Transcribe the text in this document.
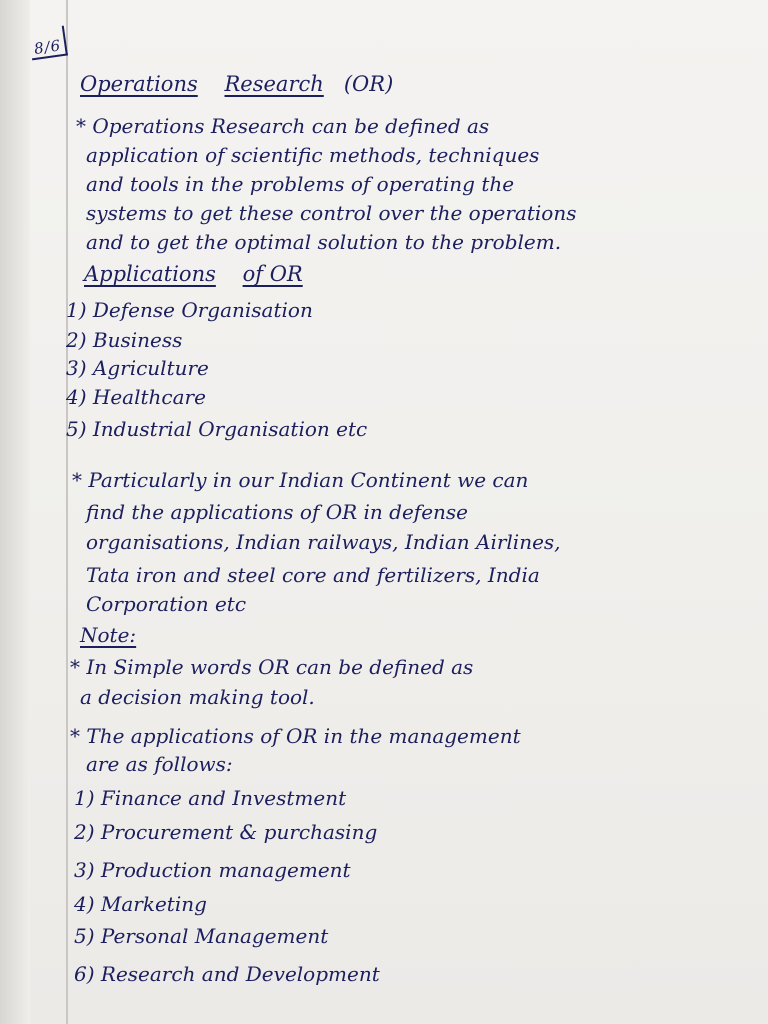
8/6
Operations Research (OR)
* Operations Research can be defined as
application of scientific methods, techniques
and tools in the problems of operating the
systems to get these control over the operations
and to get the optimal solution to the problem.
Applications of OR
1) Defense Organisation
2) Business
3) Agriculture
4) Healthcare
5) Industrial Organisation etc
* Particularly in our Indian Continent we can
find the applications of OR in defense
organisations, Indian railways, Indian Airlines,
Tata iron and steel core and fertilizers, India
Corporation etc
Note:
* In Simple words OR can be defined as
a decision making tool.
* The applications of OR in the management
are as follows:
1) Finance and Investment
2) Procurement & purchasing
3) Production management
4) Marketing
5) Personal Management
6) Research and Development
